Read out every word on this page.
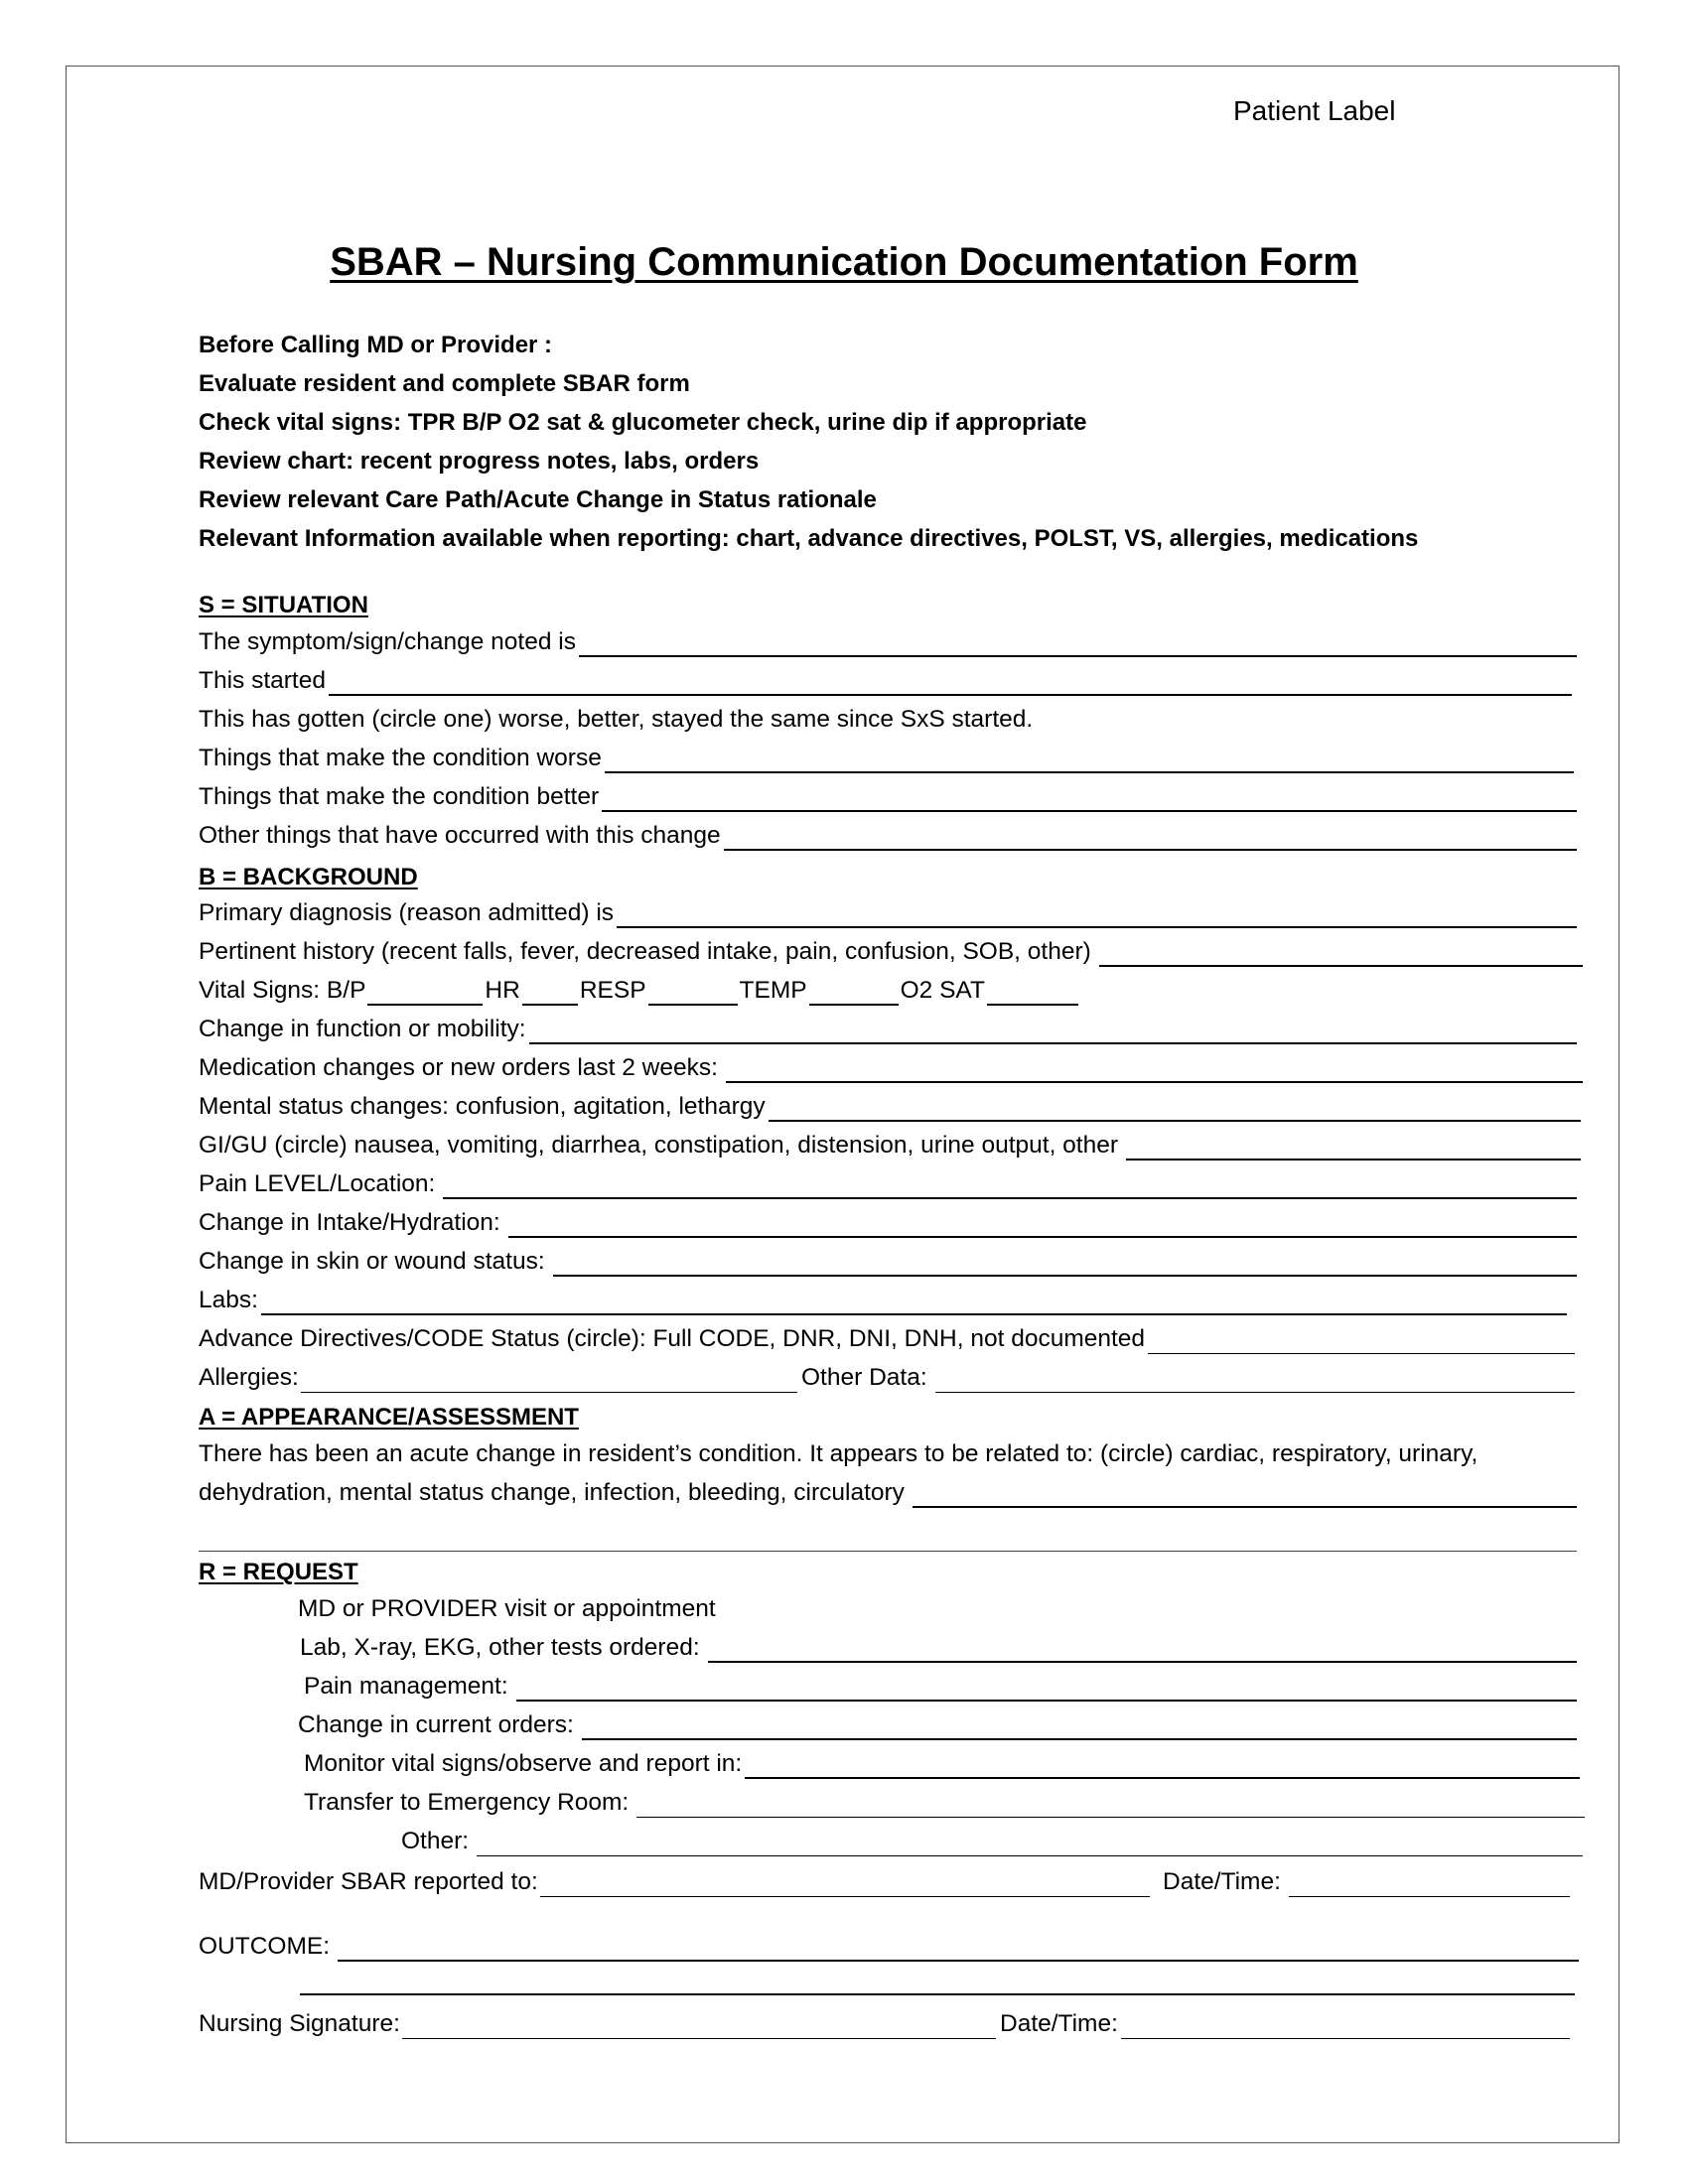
Patient Label
SBAR – Nursing Communication Documentation Form
Before Calling MD or Provider :
Evaluate resident and complete SBAR form
Check vital signs: TPR B/P O2 sat & glucometer check, urine dip if appropriate
Review chart: recent progress notes, labs, orders
Review relevant Care Path/Acute Change in Status rationale
Relevant Information available when reporting: chart, advance directives, POLST, VS, allergies, medications
S = SITUATION
The symptom/sign/change noted is
This started
This has gotten (circle one) worse, better, stayed the same since SxS started.
Things that make the condition worse
Things that make the condition better
Other things that have occurred with this change
B = BACKGROUND
Primary diagnosis (reason admitted) is
Pertinent history (recent falls, fever, decreased intake, pain, confusion, SOB, other)
Vital Signs: B/P	HR RESP	TEMP	O2 SAT
Change in function or mobility:
Medication changes or new orders last 2 weeks:
Mental status changes: confusion, agitation, lethargy
GI/GU (circle) nausea, vomiting, diarrhea, constipation, distension, urine output, other
Pain LEVEL/Location:
Change in Intake/Hydration:
Change in skin or wound status:
Labs:
Advance Directives/CODE Status (circle): Full CODE, DNR, DNI, DNH, not documented
Allergies:	Other Data:
A = APPEARANCE/ASSESSMENT
There has been an acute change in resident’s condition. It appears to be related to: (circle) cardiac, respiratory, urinary,
dehydration, mental status change, infection, bleeding, circulatory
R = REQUEST
MD or PROVIDER visit or appointment
Lab, X-ray, EKG, other tests ordered:
Pain management:
Change in current orders:
Monitor vital signs/observe and report in:
Transfer to Emergency Room:
Other:
MD/Provider SBAR reported to:	Date/Time:
OUTCOME:
Nursing Signature:	Date/Time:
